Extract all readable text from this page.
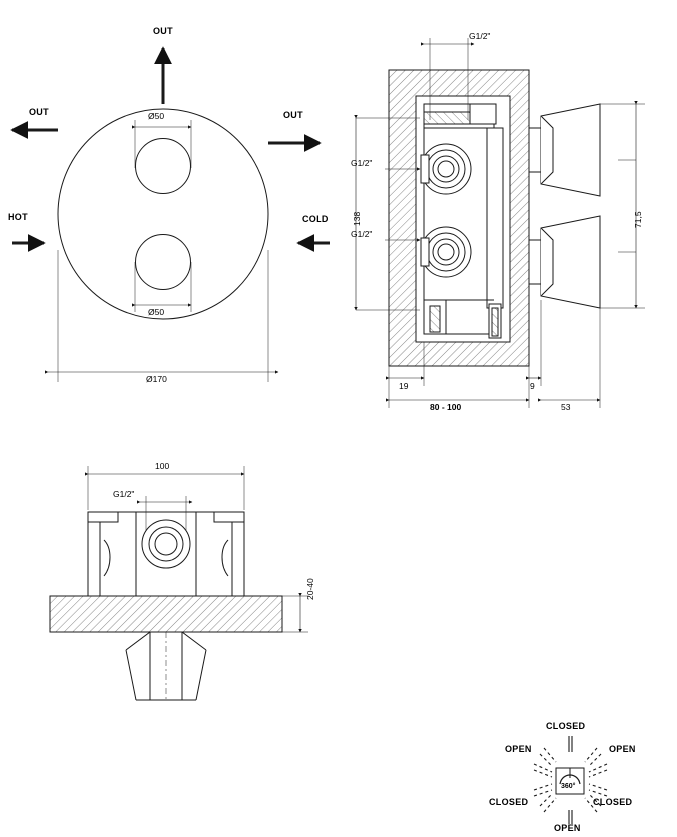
OUT
OUT	OUT
HOT	COLD
Ø50
Ø50
Ø170
G1/2"
G1/2"
G1/2"
138	71,5
19	9
80 - 100	53
100
G1/2"
20-40
CLOSED
OPEN	OPEN
CLOSED	CLOSED
OPEN
360°
